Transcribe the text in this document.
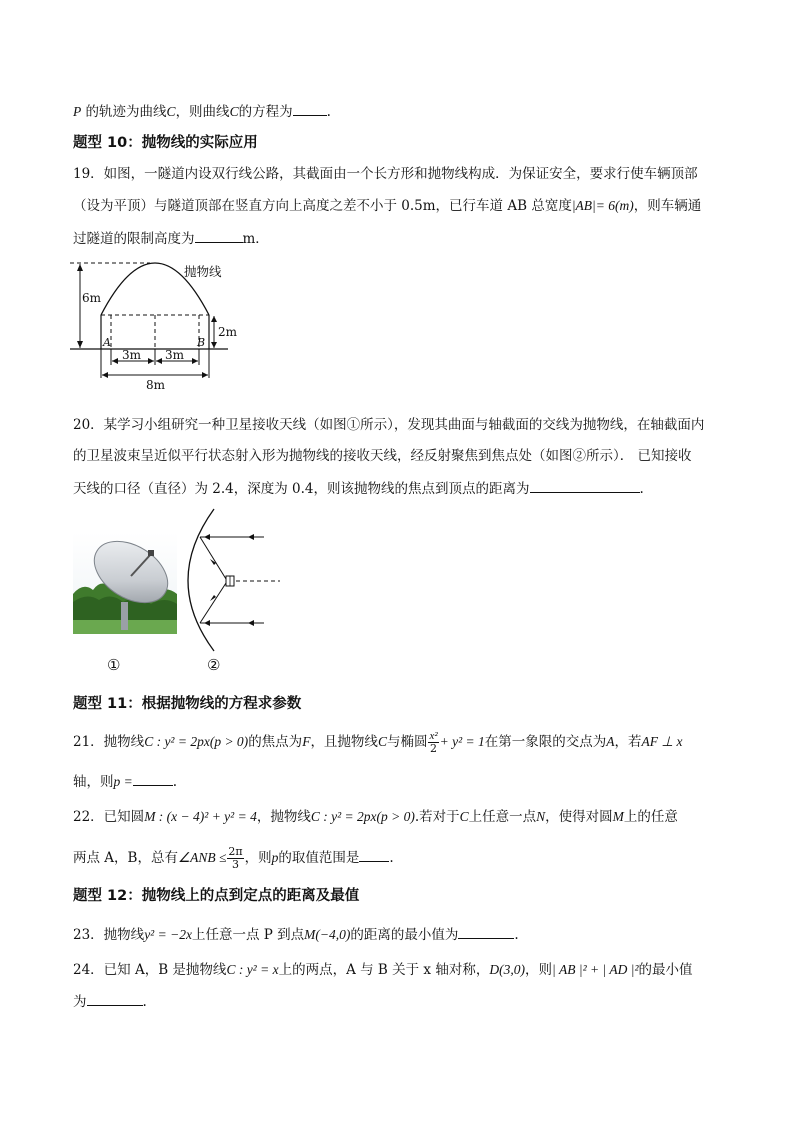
P 的轨迹为曲线C，则曲线C的方程为	.
题型 10：抛物线的实际应用
19．如图，一隧道内设双行线公路，其截面由一个长方形和抛物线构成．为保证安全，要求行使车辆顶部
（设为平顶）与隧道顶部在竖直方向上高度之差不小于 0.5m，已行车道 AB 总宽度|AB|= 6(m)，则车辆通
过隧道的限制高度为	m．
6m
2m
抛物线
A	B
3m 3m
8m
20．某学习小组研究一种卫星接收天线（如图①所示），发现其曲面与轴截面的交线为抛物线，在轴截面内
的卫星波束呈近似平行状态射入形为抛物线的接收天线，经反射聚焦到焦点处（如图②所示）． 已知接收
天线的口径（直径）为 2.4，深度为 0.4，则该抛物线的焦点到顶点的距离为	.
①	②
题型 11：根据抛物线的方程求参数
21．抛物线C : y² = 2px(p > 0)的焦点为F，且抛物线C与椭圆 $\frac{\text{x²}}{2} + y^2 = 1$在第一象限的交点为A，若AF ⊥ x
轴，则p =	.
22．已知圆M : (x − 4)² + y² = 4，抛物线C : y² = 2px(p > 0).若对于C上任意一点N，使得对圆M上的任意
两点 A，B，总有∠ANB ≤ $\frac{2\pi}{3}$ ，则p的取值范围是 .
题型 12：抛物线上的点到定点的距离及最值
23．抛物线y² = −2x上任意一点 P 到点M(−4,0)的距离的最小值为	.
24．已知 A，B 是抛物线C : y² = x上的两点，A 与 B 关于 x 轴对称，D(3,0)，则| AB |² + | AD |²的最小值
为	.
